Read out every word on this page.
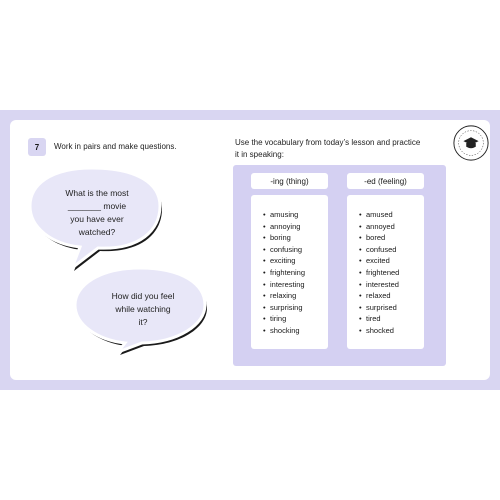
7	Work in pairs and make questions.	Use the vocabulary from today’s lesson and practice
it in speaking:
What is the most
_______ movie
you have ever
watched?
How did you feel
while watching
it?
-ing (thing)	-ed (feeling)
• amusing
• annoying
• boring
• confusing
• exciting
• frightening
• interesting
• relaxing
• surprising
• tiring
• shocking
• amused
• annoyed
• bored
• confused
• excited
• frightened
• interested
• relaxed
• surprised
• tired
• shocked
